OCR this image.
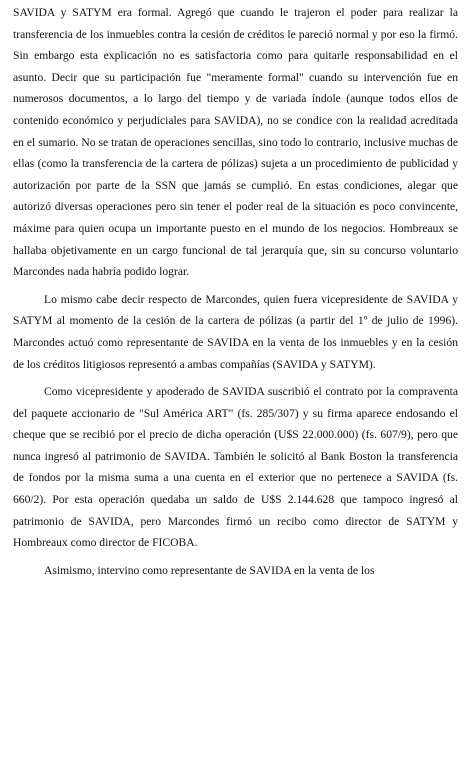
SAVIDA y SATYM era formal. Agregó que cuando le trajeron el poder para realizar la transferencia de los inmuebles contra la cesión de créditos le pareció normal y por eso la firmó. Sin embargo esta explicación no es satisfactoria como para quitarle responsabilidad en el asunto. Decir que su participación fue "meramente formal" cuando su intervención fue en numerosos documentos, a lo largo del tiempo y de variada índole (aunque todos ellos de contenido económico y perjudiciales para SAVIDA), no se condice con la realidad acreditada en el sumario. No se tratan de operaciones sencillas, sino todo lo contrario, inclusive muchas de ellas (como la transferencia de la cartera de pólizas) sujeta a un procedimiento de publicidad y autorización por parte de la SSN que jamás se cumplió. En estas condiciones, alegar que autorizó diversas operaciones pero sin tener el poder real de la situación es poco convincente, máxime para quien ocupa un importante puesto en el mundo de los negocios. Hombreaux se hallaba objetivamente en un cargo funcional de tal jerarquía que, sin su concurso voluntario Marcondes nada habría podido lograr.

Lo mismo cabe decir respecto de Marcondes, quien fuera vicepresidente de SAVIDA y SATYM al momento de la cesión de la cartera de pólizas (a partir del 1º de julio de 1996). Marcondes actuó como representante de SAVIDA en la venta de los inmuebles y en la cesión de los créditos litigiosos representó a ambas compañías (SAVIDA y SATYM).

Como vicepresidente y apoderado de SAVIDA suscribió el contrato por la compraventa del paquete accionario de "Sul América ART" (fs. 285/307) y su firma aparece endosando el cheque que se recibió por el precio de dicha operación (U$S 22.000.000) (fs. 607/9), pero que nunca ingresó al patrimonio de SAVIDA. También le solicitó al Bank Boston la transferencia de fondos por la misma suma a una cuenta en el exterior que no pertenece a SAVIDA (fs. 660/2). Por esta operación quedaba un saldo de U$S 2.144.628 que tampoco ingresó al patrimonio de SAVIDA, pero Marcondes firmó un recibo como director de SATYM y Hombreaux como director de FICOBA.

Asimismo, intervino como representante de SAVIDA en la venta de los
